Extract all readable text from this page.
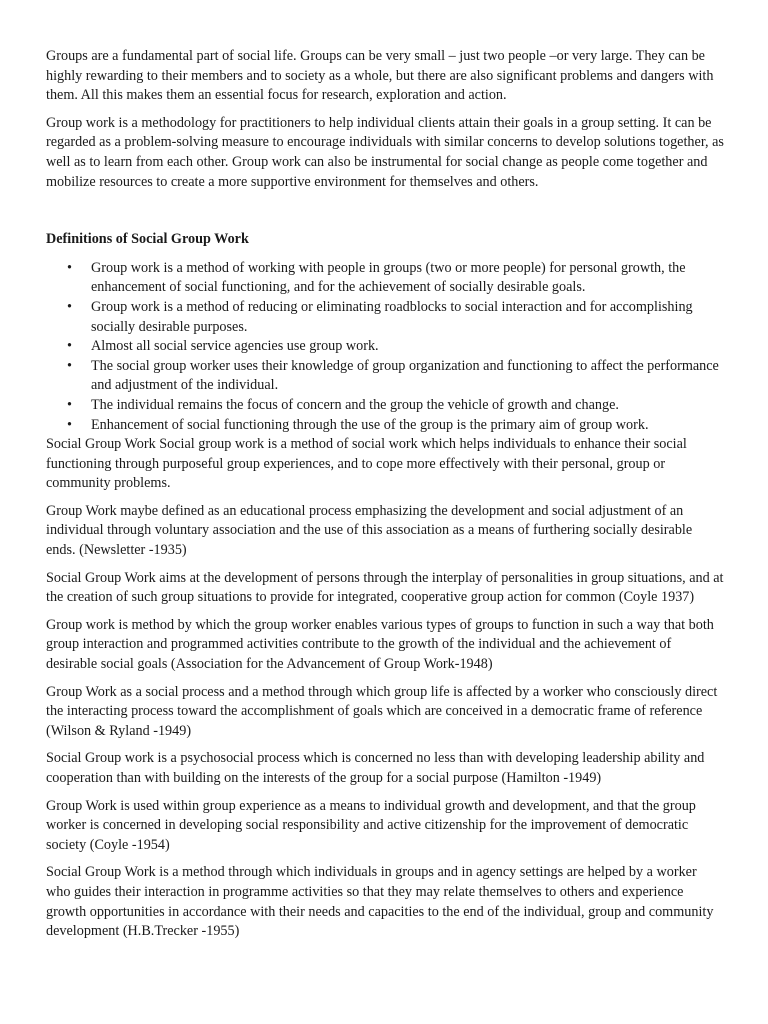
Groups are a fundamental part of social life. Groups can be very small – just two people –or very large. They can be highly rewarding to their members and to society as a whole, but there are also significant problems and dangers with them. All this makes them an essential focus for research, exploration and action.

Group work is a methodology for practitioners to help individual clients attain their goals in a group setting. It can be regarded as a problem-solving measure to encourage individuals with similar concerns to develop solutions together, as well as to learn from each other. Group work can also be instrumental for social change as people come together and mobilize resources to create a more supportive environment for themselves and others.

Definitions of Social Group Work
• Group work is a method of working with people in groups (two or more people) for personal growth, the enhancement of social functioning, and for the achievement of socially desirable goals.
• Group work is a method of reducing or eliminating roadblocks to social interaction and for accomplishing socially desirable purposes.
• Almost all social service agencies use group work.
• The social group worker uses their knowledge of group organization and functioning to affect the performance and adjustment of the individual.
• The individual remains the focus of concern and the group the vehicle of growth and change.
• Enhancement of social functioning through the use of the group is the primary aim of group work.

Social Group Work Social group work is a method of social work which helps individuals to enhance their social functioning through purposeful group experiences, and to cope more effectively with their personal, group or community problems.

Group Work maybe defined as an educational process emphasizing the development and social adjustment of an individual through voluntary association and the use of this association as a means of furthering socially desirable ends. (Newsletter -1935)

Social Group Work aims at the development of persons through the interplay of personalities in group situations, and at the creation of such group situations to provide for integrated, cooperative group action for common (Coyle 1937)

Group work is method by which the group worker enables various types of groups to function in such a way that both group interaction and programmed activities contribute to the growth of the individual and the achievement of desirable social goals (Association for the Advancement of Group Work-1948)

Group Work as a social process and a method through which group life is affected by a worker who consciously direct the interacting process toward the accomplishment of goals which are conceived in a democratic frame of reference (Wilson & Ryland -1949)

Social Group work is a psychosocial process which is concerned no less than with developing leadership ability and cooperation than with building on the interests of the group for a social purpose (Hamilton -1949)

Group Work is used within group experience as a means to individual growth and development, and that the group worker is concerned in developing social responsibility and active citizenship for the improvement of democratic society (Coyle -1954)

Social Group Work is a method through which individuals in groups and in agency settings are helped by a worker who guides their interaction in programme activities so that they may relate themselves to others and experience growth opportunities in accordance with their needs and capacities to the end of the individual, group and community development (H.B.Trecker -1955)
